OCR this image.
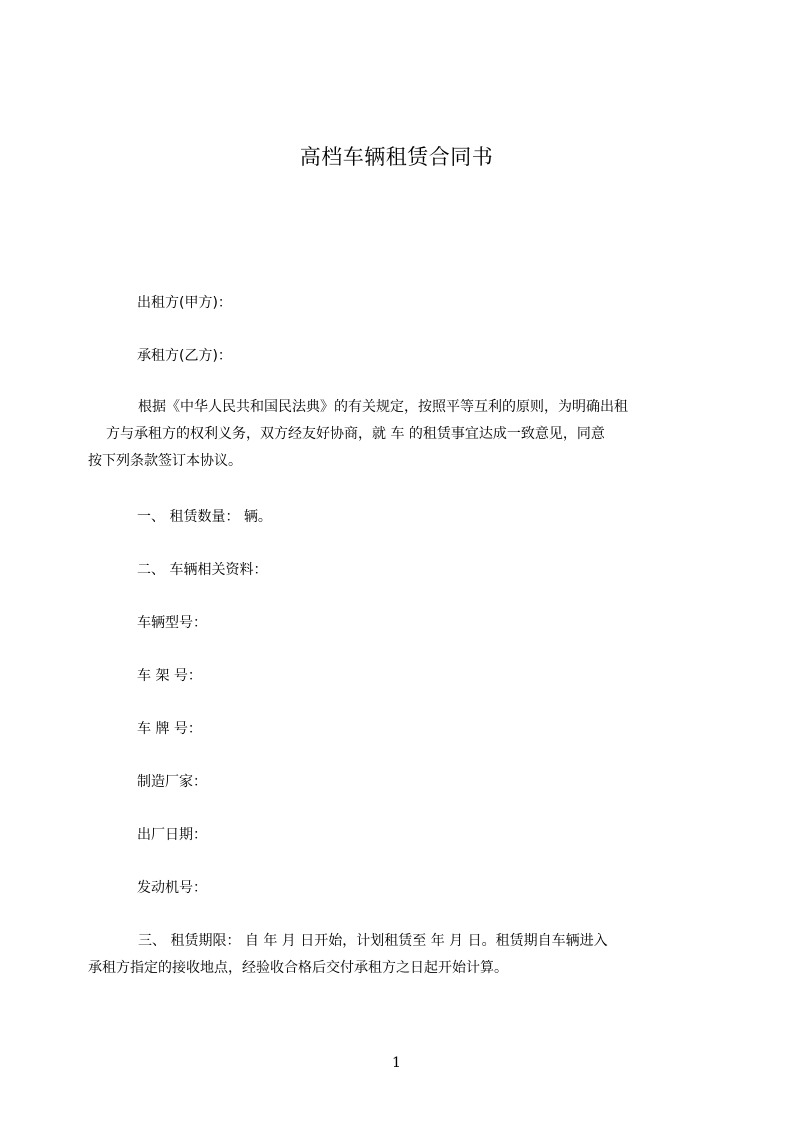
高档车辆租赁合同书
出租方(甲方)：
承租方(乙方)：
根据《中华人民共和国民法典》的有关规定，按照平等互利的原则，为明确出租
方与承租方的权利义务，双方经友好协商，就 车 的租赁事宜达成一致意见，同意
按下列条款签订本协议。
一、 租赁数量： 辆。
二、 车辆相关资料：
车辆型号：
车 架 号：
车 牌 号：
制造厂家：
出厂日期：
发动机号：
三、 租赁期限： 自 年 月 日开始，计划租赁至 年 月 日。租赁期自车辆进入
承租方指定的接收地点，经验收合格后交付承租方之日起开始计算。
1
